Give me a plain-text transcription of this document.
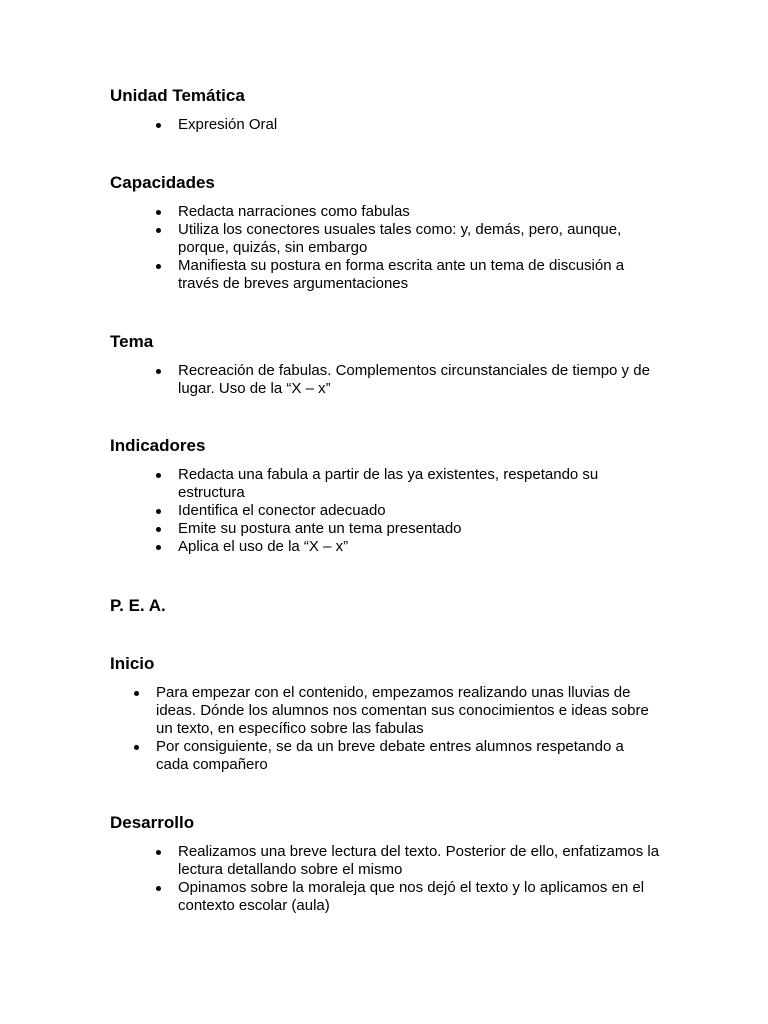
Unidad Temática
Expresión Oral
Capacidades
Redacta narraciones como fabulas
Utiliza los conectores usuales tales como: y, demás, pero, aunque, porque, quizás, sin embargo
Manifiesta su postura en forma escrita ante un tema de discusión a través de breves argumentaciones
Tema
Recreación de fabulas. Complementos circunstanciales de tiempo y de lugar. Uso de la “X – x”
Indicadores
Redacta una fabula a partir de las ya existentes, respetando su estructura
Identifica el conector adecuado
Emite su postura ante un tema presentado
Aplica el uso de la “X – x”
P. E. A.
Inicio
Para empezar con el contenido, empezamos realizando unas lluvias de ideas. Dónde los alumnos nos comentan sus conocimientos e ideas sobre un texto, en específico sobre las fabulas
Por consiguiente, se da un breve debate entres alumnos respetando a cada compañero
Desarrollo
Realizamos una breve lectura del texto. Posterior de ello, enfatizamos la lectura detallando sobre el mismo
Opinamos sobre la moraleja que nos dejó el texto y lo aplicamos en el contexto escolar (aula)
